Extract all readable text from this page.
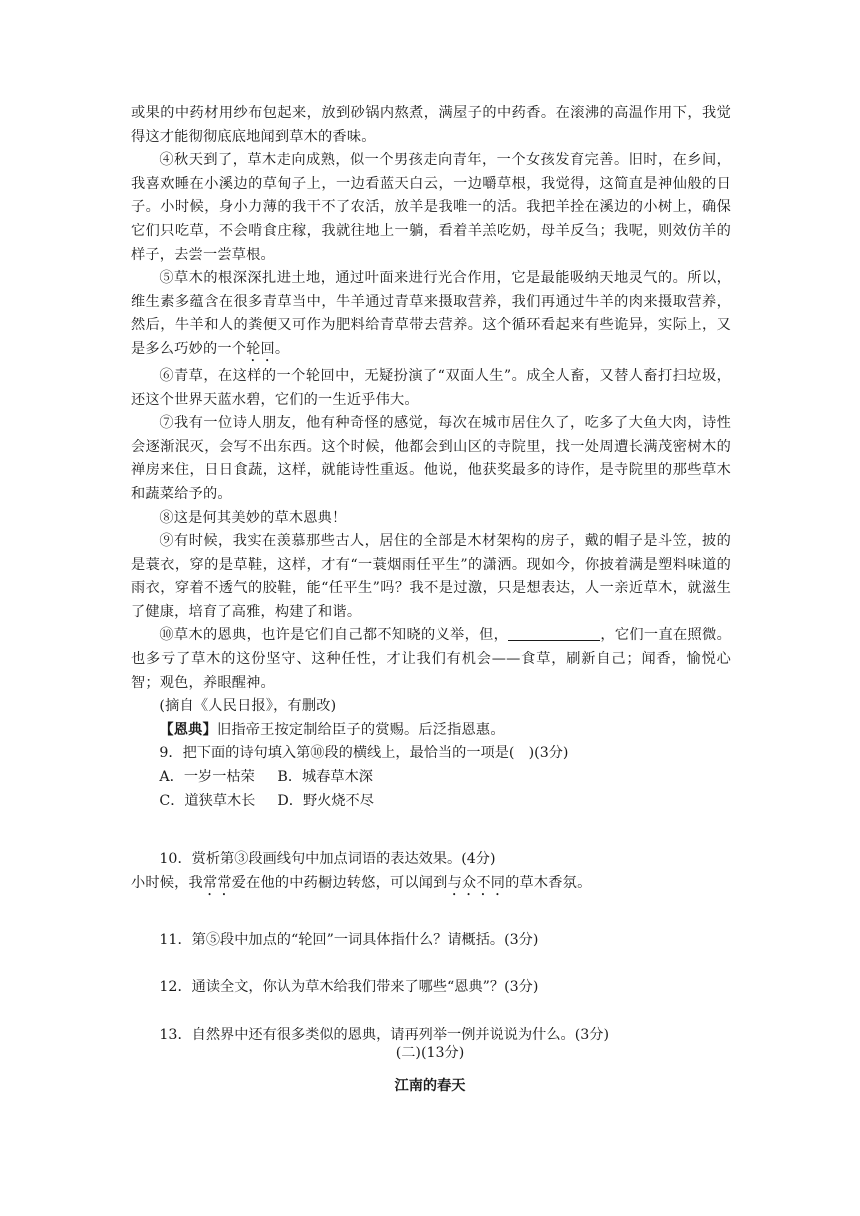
或果的中药材用纱布包起来，放到砂锅内熬煮，满屋子的中药香。在滚沸的高温作用下，我觉得这才能彻彻底底地闻到草木的香味。

④秋天到了，草木走向成熟，似一个男孩走向青年，一个女孩发育完善。旧时，在乡间，我喜欢睡在小溪边的草甸子上，一边看蓝天白云，一边嚼草根，我觉得，这简直是神仙般的日子。小时候，身小力薄的我干不了农活，放羊是我唯一的活。我把羊拴在溪边的小树上，确保它们只吃草，不会啃食庄稼，我就往地上一躺，看着羊羔吃奶，母羊反刍；我呢，则效仿羊的样子，去尝一尝草根。

⑤草木的根深深扎进土地，通过叶面来进行光合作用，它是最能吸纳天地灵气的。所以，维生素多蕴含在很多青草当中，牛羊通过青草来摄取营养，我们再通过牛羊的肉来摄取营养，然后，牛羊和人的粪便又可作为肥料给青草带去营养。这个循环看起来有些诡异，实际上，又是多么巧妙的一个轮回。

⑥青草，在这样的一个轮回中，无疑扮演了“双面人生”。成全人畜，又替人畜打扫垃圾，还这个世界天蓝水碧，它们的一生近乎伟大。

⑦我有一位诗人朋友，他有种奇怪的感觉，每次在城市居住久了，吃多了大鱼大肉，诗性会逐渐泯灭，会写不出东西。这个时候，他都会到山区的寺院里，找一处周遭长满茂密树木的禅房来住，日日食蔬，这样，就能诗性重返。他说，他获奖最多的诗作，是寺院里的那些草木和蔬菜给予的。

⑧这是何其美妙的草木恩典！

⑨有时候，我实在羡慕那些古人，居住的全部是木材架构的房子，戴的帽子是斗笠，披的是蓑衣，穿的是草鞋，这样，才有“一蓑烟雨任平生”的潇洒。现如今，你披着满是塑料味道的雨衣，穿着不透气的胶鞋，能“任平生”吗？我不是过激，只是想表达，人一亲近草木，就滋生了健康，培育了高雅，构建了和谐。

⑩草木的恩典，也许是它们自己都不知晓的义举，但，	，它们一直在照微。也多亏了草木的这份坚守、这种任性，才让我们有机会——食草，刷新自己；闻香，愉悦心智；观色，养眼醒神。

(摘自《人民日报》，有删改)

【恩典】旧指帝王按定制给臣子的赏赐。后泛指恩惠。

9．把下面的诗句填入第⑩段的横线上，最恰当的一项是(　)(3分)

A．一岁一枯荣 B．城春草木深

C．道狭草木长 D．野火烧不尽

10．赏析第③段画线句中加点词语的表达效果。(4分)

小时候，我常常爱在他的中药橱边转悠，可以闻到与众不同的草木香氛。

11．第⑤段中加点的“轮回”一词具体指什么？请概括。(3分)

12．通读全文，你认为草木给我们带来了哪些“恩典”？(3分)

13．自然界中还有很多类似的恩典，请再列举一例并说说为什么。(3分)

(二)(13分)
江南的春天
